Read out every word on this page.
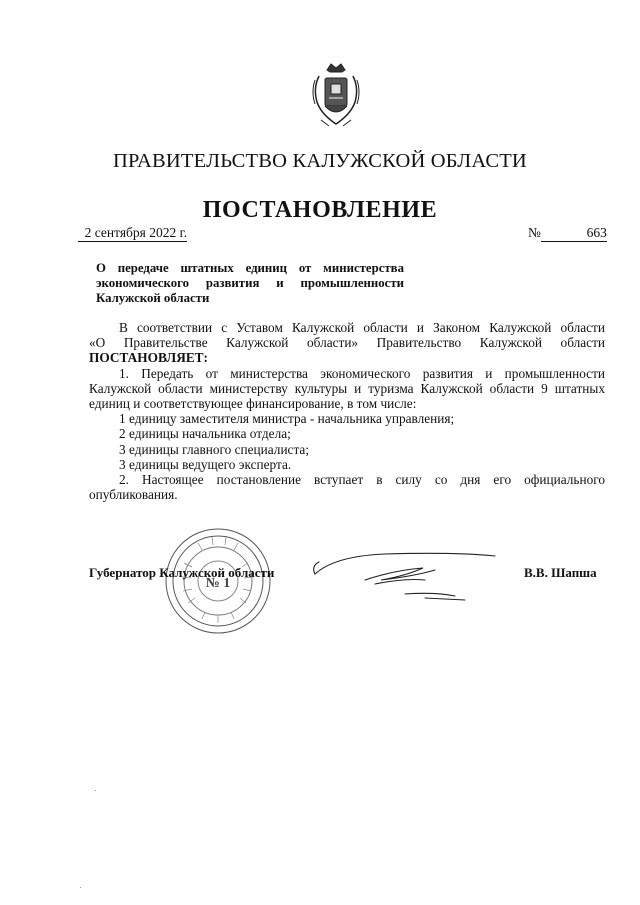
ПРАВИТЕЛЬСТВО КАЛУЖСКОЙ ОБЛАСТИ
ПОСТАНОВЛЕНИЕ
2 сентября 2022 г.	№	663
О передаче штатных единиц от министерства
экономического развития и промышленности
Калужской области

В соответствии с Уставом Калужской области и Законом Калужской области

«О Правительстве Калужской области» Правительство Калужской области

ПОСТАНОВЛЯЕТ:

1. Передать от министерства экономического развития и промышленности

Калужской области министерству культуры и туризма Калужской области 9 штатных

единиц и соответствующее финансирование, в том числе:

1 единицу заместителя министра - начальника управления;

2 единицы начальника отдела;

3 единицы главного специалиста;

3 единицы ведущего эксперта.

2. Настоящее постановление вступает в силу со дня его официального

опубликования.

№ 1
Губернатор Калужской области	В.В. Шапша
